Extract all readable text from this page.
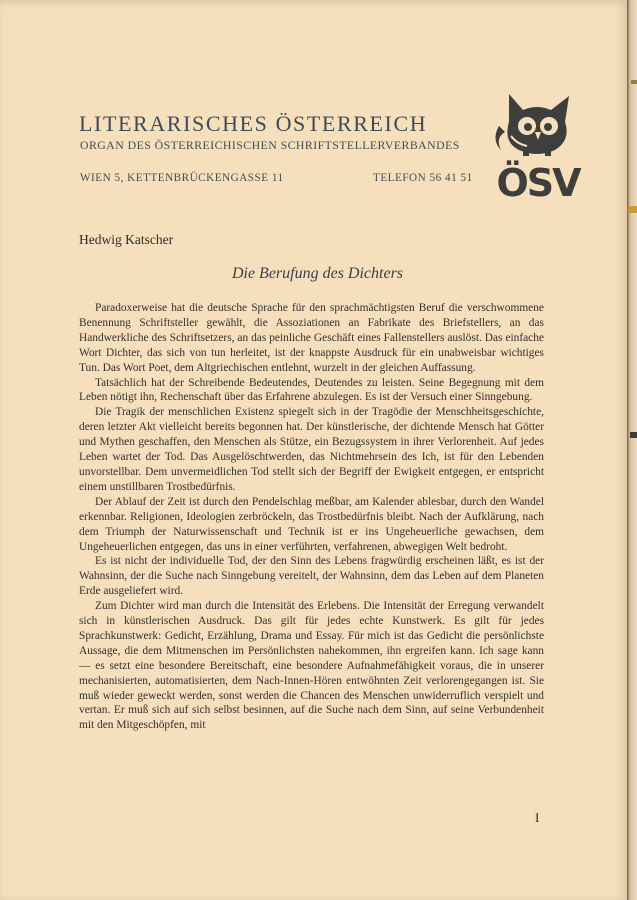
LITERARISCHES ÖSTERREICH
ORGAN DES ÖSTERREICHISCHEN SCHRIFTSTELLERVERBANDES
WIEN 5, KETTENBRÜCKENGASSE 11	TELEFON 56 41 51 ÖSV
Hedwig Katscher
Die Berufung des Dichters

Paradoxerweise hat die deutsche Sprache für den sprachmächtigsten Beruf die verschwommene Benennung Schriftsteller gewählt, die Assoziationen an Fabrikate des Briefstellers, an das Handwerkliche des Schriftsetzers, an das peinliche Geschäft eines Fallenstellers auslöst. Das einfache Wort Dichter, das sich von tun herleitet, ist der knappste Ausdruck für ein unabweisbar wichtiges Tun. Das Wort Poet, dem Altgriechischen entlehnt, wurzelt in der gleichen Auffassung.

Tatsächlich hat der Schreibende Bedeutendes, Deutendes zu leisten. Seine Begegnung mit dem Leben nötigt ihn, Rechenschaft über das Erfahrene abzulegen. Es ist der Versuch einer Sinngebung.

Die Tragik der menschlichen Existenz spiegelt sich in der Tragödie der Menschheitsgeschichte, deren letzter Akt vielleicht bereits begonnen hat. Der künstlerische, der dichtende Mensch hat Götter und Mythen geschaffen, den Menschen als Stütze, ein Bezugssystem in ihrer Verlorenheit. Auf jedes Leben wartet der Tod. Das Ausgelöschtwerden, das Nichtmehrsein des Ich, ist für den Lebenden unvorstellbar. Dem unvermeidlichen Tod stellt sich der Begriff der Ewigkeit entgegen, er entspricht einem unstillbaren Trostbedürfnis.

Der Ablauf der Zeit ist durch den Pendelschlag meßbar, am Kalender ablesbar, durch den Wandel erkennbar. Religionen, Ideologien zerbröckeln, das Trostbedürfnis bleibt. Nach der Aufklärung, nach dem Triumph der Naturwissenschaft und Technik ist er ins Ungeheuerliche gewachsen, dem Ungeheuerlichen entgegen, das uns in einer verführten, verfahrenen, abwegigen Welt bedroht.

Es ist nicht der individuelle Tod, der den Sinn des Lebens fragwürdig erscheinen läßt, es ist der Wahnsinn, der die Suche nach Sinngebung vereitelt, der Wahnsinn, dem das Leben auf dem Planeten Erde ausgeliefert wird.

Zum Dichter wird man durch die Intensität des Erlebens. Die Intensität der Erregung verwandelt sich in künstlerischen Ausdruck. Das gilt für jedes echte Kunstwerk. Es gilt für jedes Sprachkunstwerk: Gedicht, Erzählung, Drama und Essay. Für mich ist das Gedicht die persönlichste Aussage, die dem Mitmenschen im Persönlichsten nahekommen, ihn ergreifen kann. Ich sage kann — es setzt eine besondere Bereitschaft, eine besondere Aufnahmefähigkeit voraus, die in unserer mechanisierten, automatisierten, dem Nach-Innen-Hören entwöhnten Zeit verlorengegangen ist. Sie muß wieder geweckt werden, sonst werden die Chancen des Menschen unwiderruflich verspielt und vertan. Er muß sich auf sich selbst besinnen, auf die Suche nach dem Sinn, auf seine Verbundenheit mit den Mitgeschöpfen, mit

I
